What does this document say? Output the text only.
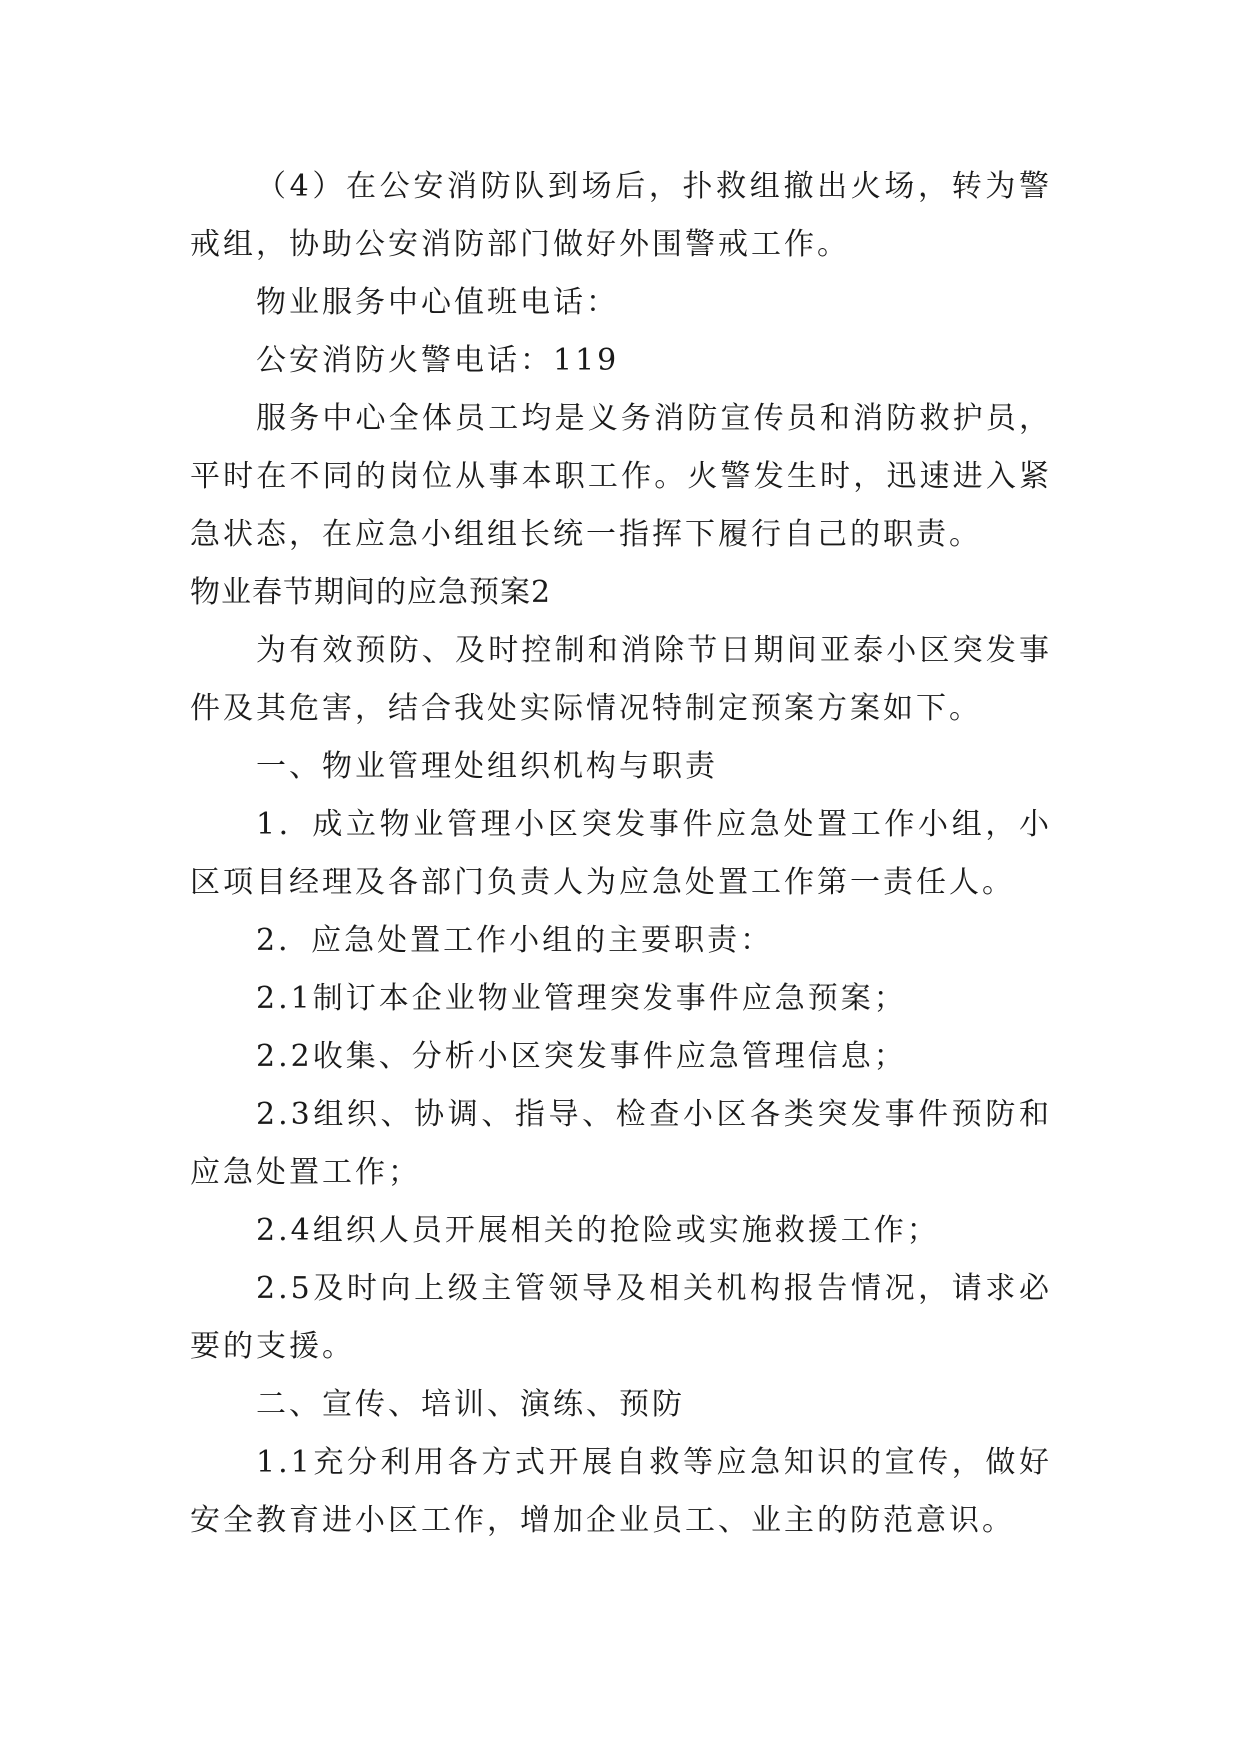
（4）在公安消防队到场后，扑救组撤出火场，转为警戒组，协助公安消防部门做好外围警戒工作。

物业服务中心值班电话：

公安消防火警电话：119

服务中心全体员工均是义务消防宣传员和消防救护员，平时在不同的岗位从事本职工作。火警发生时，迅速进入紧急状态，在应急小组组长统一指挥下履行自己的职责。

物业春节期间的应急预案2

为有效预防、及时控制和消除节日期间亚泰小区突发事件及其危害，结合我处实际情况特制定预案方案如下。

一、物业管理处组织机构与职责

1．成立物业管理小区突发事件应急处置工作小组，小区项目经理及各部门负责人为应急处置工作第一责任人。

2．应急处置工作小组的主要职责：

2.1制订本企业物业管理突发事件应急预案；

2.2收集、分析小区突发事件应急管理信息；

2.3组织、协调、指导、检查小区各类突发事件预防和应急处置工作；

2.4组织人员开展相关的抢险或实施救援工作；

2.5及时向上级主管领导及相关机构报告情况，请求必要的支援。

二、宣传、培训、演练、预防

1.1充分利用各方式开展自救等应急知识的宣传，做好安全教育进小区工作，增加企业员工、业主的防范意识。
